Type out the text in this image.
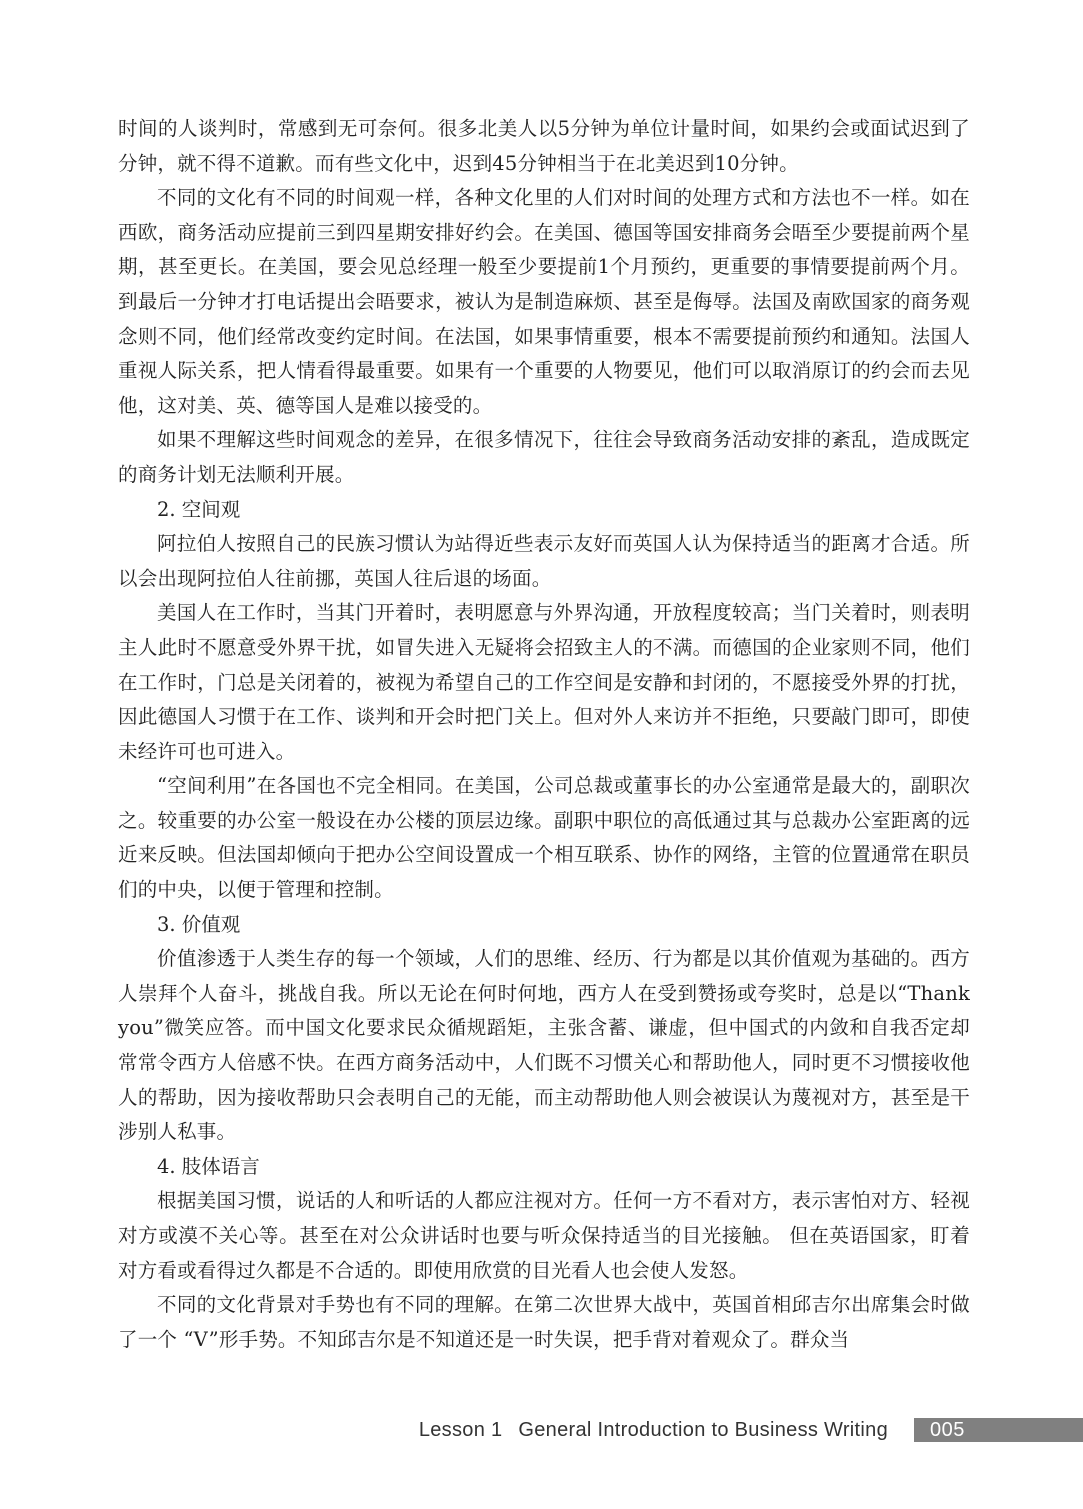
时间的人谈判时，常感到无可奈何。很多北美人以5分钟为单位计量时间，如果约会或面试迟到了分钟，就不得不道歉。而有些文化中，迟到45分钟相当于在北美迟到10分钟。

不同的文化有不同的时间观一样，各种文化里的人们对时间的处理方式和方法也不一样。如在西欧，商务活动应提前三到四星期安排好约会。在美国、德国等国安排商务会晤至少要提前两个星期，甚至更长。在美国，要会见总经理一般至少要提前1个月预约，更重要的事情要提前两个月。到最后一分钟才打电话提出会晤要求，被认为是制造麻烦、甚至是侮辱。法国及南欧国家的商务观念则不同，他们经常改变约定时间。在法国，如果事情重要，根本不需要提前预约和通知。法国人重视人际关系，把人情看得最重要。如果有一个重要的人物要见，他们可以取消原订的约会而去见他，这对美、英、德等国人是难以接受的。

如果不理解这些时间观念的差异，在很多情况下，往往会导致商务活动安排的紊乱，造成既定的商务计划无法顺利开展。

2. 空间观

阿拉伯人按照自己的民族习惯认为站得近些表示友好而英国人认为保持适当的距离才合适。所以会出现阿拉伯人往前挪，英国人往后退的场面。

美国人在工作时，当其门开着时，表明愿意与外界沟通，开放程度较高；当门关着时，则表明主人此时不愿意受外界干扰，如冒失进入无疑将会招致主人的不满。而德国的企业家则不同，他们在工作时，门总是关闭着的，被视为希望自己的工作空间是安静和封闭的，不愿接受外界的打扰，因此德国人习惯于在工作、谈判和开会时把门关上。但对外人来访并不拒绝，只要敲门即可，即使未经许可也可进入。

“空间利用”在各国也不完全相同。在美国，公司总裁或董事长的办公室通常是最大的，副职次之。较重要的办公室一般设在办公楼的顶层边缘。副职中职位的高低通过其与总裁办公室距离的远近来反映。但法国却倾向于把办公空间设置成一个相互联系、协作的网络，主管的位置通常在职员们的中央，以便于管理和控制。

3. 价值观

价值渗透于人类生存的每一个领域，人们的思维、经历、行为都是以其价值观为基础的。西方人崇拜个人奋斗，挑战自我。所以无论在何时何地，西方人在受到赞扬或夸奖时，总是以“Thank you”微笑应答。而中国文化要求民众循规蹈矩，主张含蓄、谦虚，但中国式的内敛和自我否定却常常令西方人倍感不快。在西方商务活动中，人们既不习惯关心和帮助他人，同时更不习惯接收他人的帮助，因为接收帮助只会表明自己的无能，而主动帮助他人则会被误认为蔑视对方，甚至是干涉别人私事。

4. 肢体语言

根据美国习惯，说话的人和听话的人都应注视对方。任何一方不看对方，表示害怕对方、轻视对方或漠不关心等。甚至在对公众讲话时也要与听众保持适当的目光接触。 但在英语国家，盯着对方看或看得过久都是不合适的。即使用欣赏的目光看人也会使人发怒。

不同的文化背景对手势也有不同的理解。在第二次世界大战中，英国首相邱吉尔出席集会时做了一个 “V”形手势。不知邱吉尔是不知道还是一时失误，把手背对着观众了。群众当

Lesson 1 General Introduction to Business Writing 005
